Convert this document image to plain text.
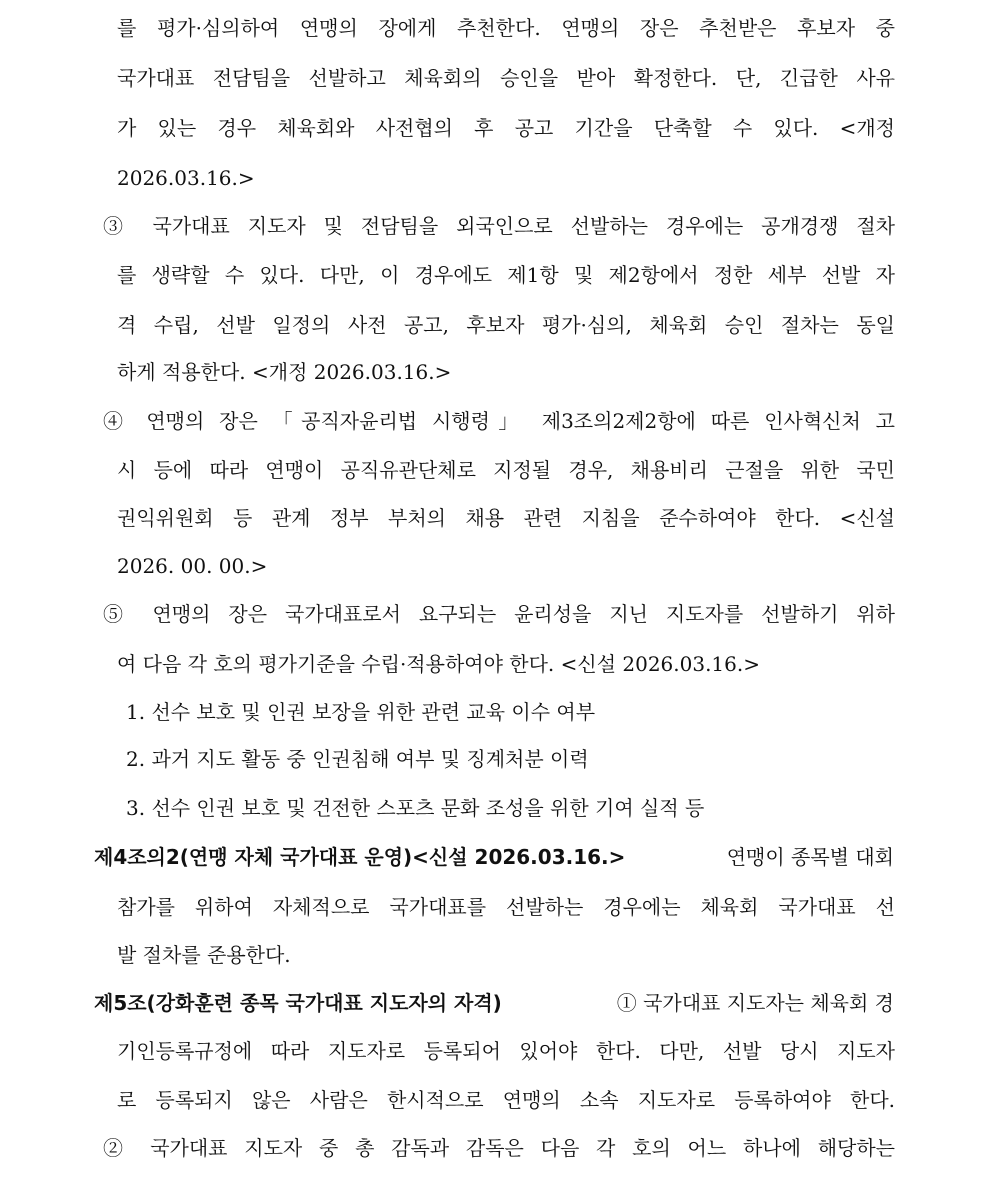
를 평가·심의하여 연맹의 장에게 추천한다. 연맹의 장은 추천받은 후보자 중
국가대표 전담팀을 선발하고 체육회의 승인을 받아 확정한다. 단, 긴급한 사유
가 있는 경우 체육회와 사전협의 후 공고 기간을 단축할 수 있다. <개정
2026.03.16.>
③ 국가대표 지도자 및 전담팀을 외국인으로 선발하는 경우에는 공개경쟁 절차
를 생략할 수 있다. 다만, 이 경우에도 제1항 및 제2항에서 정한 세부 선발 자
격 수립, 선발 일정의 사전 공고, 후보자 평가·심의, 체육회 승인 절차는 동일
하게 적용한다. <개정 2026.03.16.>
④ 연맹의 장은 「공직자윤리법 시행령」 제3조의2제2항에 따른 인사혁신처 고
시 등에 따라 연맹이 공직유관단체로 지정될 경우, 채용비리 근절을 위한 국민
권익위원회 등 관계 정부 부처의 채용 관련 지침을 준수하여야 한다. <신설
2026. 00. 00.>
⑤ 연맹의 장은 국가대표로서 요구되는 윤리성을 지닌 지도자를 선발하기 위하
여 다음 각 호의 평가기준을 수립·적용하여야 한다. <신설 2026.03.16.>
1. 선수 보호 및 인권 보장을 위한 관련 교육 이수 여부
2. 과거 지도 활동 중 인권침해 여부 및 징계처분 이력
3. 선수 인권 보호 및 건전한 스포츠 문화 조성을 위한 기여 실적 등
제4조의2(연맹 자체 국가대표 운영)<신설 2026.03.16.>	연맹이 종목별 대회
참가를 위하여 자체적으로 국가대표를 선발하는 경우에는 체육회 국가대표 선
발 절차를 준용한다.
제5조(강화훈련 종목 국가대표 지도자의 자격)	① 국가대표 지도자는 체육회 경
기인등록규정에 따라 지도자로 등록되어 있어야 한다. 다만, 선발 당시 지도자
로 등록되지 않은 사람은 한시적으로 연맹의 소속 지도자로 등록하여야 한다.
② 국가대표 지도자 중 총 감독과 감독은 다음 각 호의 어느 하나에 해당하는
